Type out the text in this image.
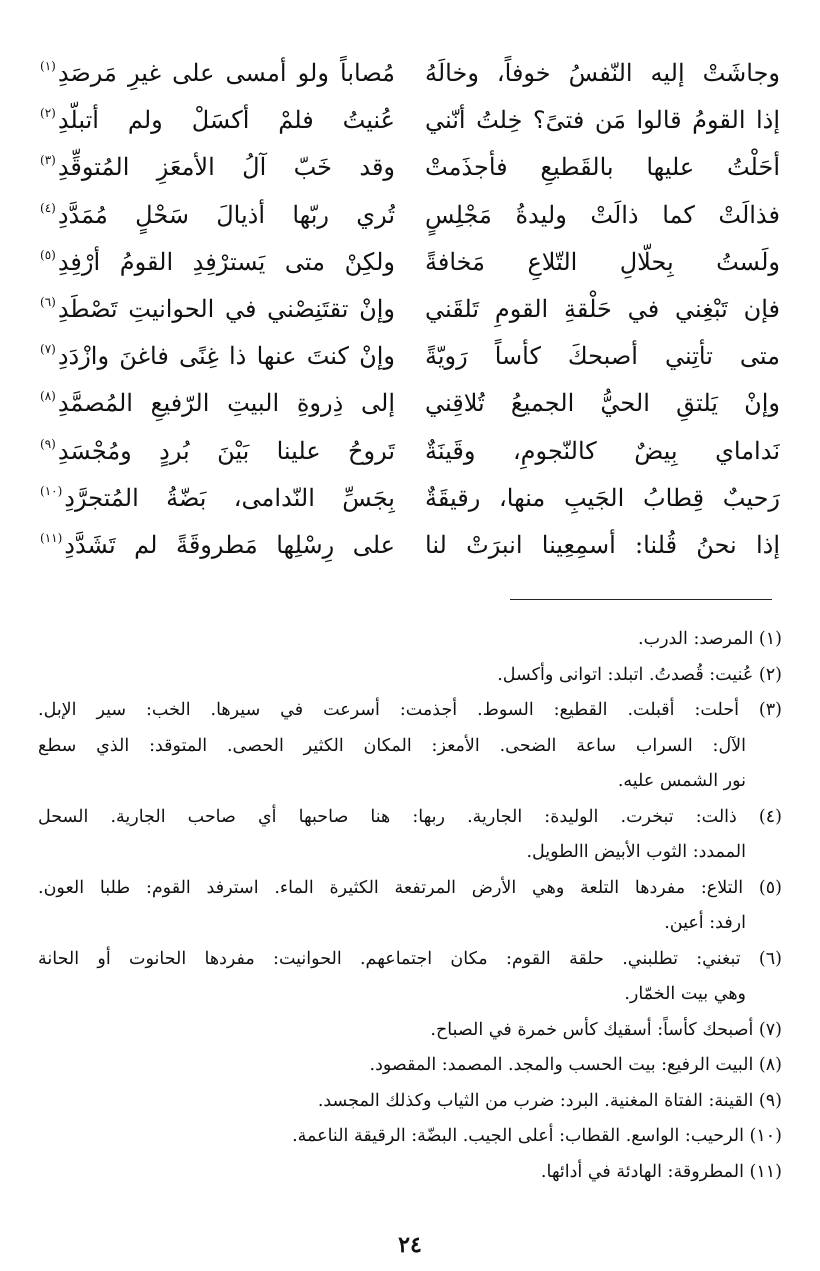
وجاشَتْ إليه النّفسُ خوفاً، وخالَهُ
مُصاباً ولو أمسى على غيرِ مَرصَدِ
(١)
إذا القومُ قالوا مَن فتىً؟ خِلتُ أنّني
عُنيتُ فلمْ أكسَلْ ولم أتبلّدِ
(٢)
أحَلْتُ عليها بالقَطيعِ فأجذَمتْ
وقد خَبّ آلُ الأمعَزِ المُتوقِّدِ
(٣)
فذالَتْ كما ذالَتْ وليدةُ مَجْلِسٍ
تُري ربّها أذيالَ سَحْلٍ مُمَدَّدِ
(٤)
ولَستُ بِحلّالِ التّلاعِ مَخافةً
ولكِنْ متى يَسترْفِدِ القومُ أرْفِدِ
(٥)
فإن تَبْغِني في حَلْقةِ القومِ تَلقَني
وإنْ تقتَنِصْني في الحوانيتِ تَصْطَدِ
(٦)
متى تأتِني أصبحكَ كأساً رَويّةً
وإنْ كنتَ عنها ذا غِنًى فاغنَ وازْدَدِ
(٧)
وإنْ يَلتقِ الحيُّ الجميعُ تُلاقِني
إلى ذِروةِ البيتِ الرّفيعِ المُصمَّدِ
(٨)
نَداماي بِيضٌ كالنّجومِ، وقَينَةٌ
تَروحُ علينا بَيْنَ بُردٍ ومُجْسَدِ
(٩)
رَحيبٌ قِطابُ الجَيبِ منها، رقيقَةٌ
بِجَسِّ النّدامى، بَضّةُ المُتجرَّدِ
(١٠)
إذا نحنُ قُلنا: أسمِعِينا انبرَتْ لنا
على رِسْلِها مَطروقَةً لم تَشَدَّدِ
(١١)
(١) المرصد: الدرب.
(٢) عُنيت: قُصدتُ. اتبلد: اتوانى وأكسل.
(٣) أحلت: أقبلت. القطيع: السوط. أجذمت: أسرعت في سيرها. الخب: سير الإبل.
الآل: السراب ساعة الضحى. الأمعز: المكان الكثير الحصى. المتوقد: الذي سطع
نور الشمس عليه.
(٤) ذالت: تبخرت. الوليدة: الجارية. ربها: هنا صاحبها أي صاحب الجارية. السحل
الممدد: الثوب الأبيض االطويل.
(٥) التلاع: مفردها التلعة وهي الأرض المرتفعة الكثيرة الماء. استرفد القوم: طلبا العون.
ارفد: أعين.
(٦) تبغني: تطلبني. حلقة القوم: مكان اجتماعهم. الحوانيت: مفردها الحانوت أو الحانة
وهي بيت الخمّار.
(٧) أصبحك كأساً: أسقيك كأس خمرة في الصباح.
(٨) البيت الرفيع: بيت الحسب والمجد. المصمد: المقصود.
(٩) القينة: الفتاة المغنية. البرد: ضرب من الثياب وكذلك المجسد.
(١٠) الرحيب: الواسع. القطاب: أعلى الجيب. البضّة: الرقيقة الناعمة.
(١١) المطروقة: الهادئة في أدائها.
٢٤
